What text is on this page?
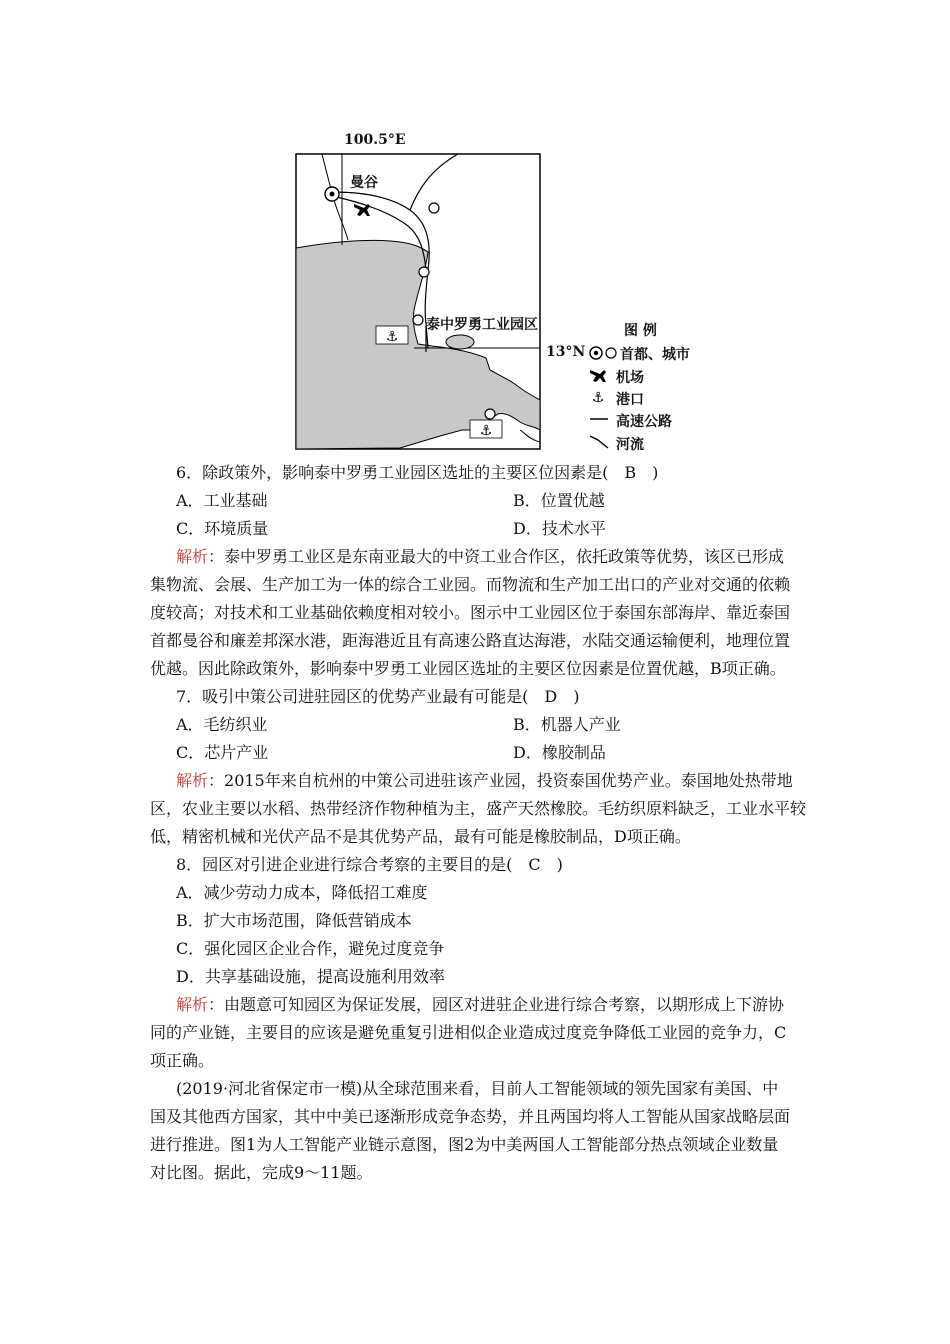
⚓
⚓
⚓
100.5°E
曼谷
泰中罗勇工业园区
13°N
图 例
首都、城市
机场
港口
高速公路
河流
6．除政策外，影响泰中罗勇工业园区选址的主要区位因素是(　B　)
A．工业基础	B．位置优越
C．环境质量	D．技术水平
解析：泰中罗勇工业区是东南亚最大的中资工业合作区，依托政策等优势，该区已形成
集物流、会展、生产加工为一体的综合工业园。而物流和生产加工出口的产业对交通的依赖
度较高；对技术和工业基础依赖度相对较小。图示中工业园区位于泰国东部海岸、靠近泰国
首都曼谷和廉差邦深水港，距海港近且有高速公路直达海港，水陆交通运输便利，地理位置
优越。因此除政策外，影响泰中罗勇工业园区选址的主要区位因素是位置优越，B项正确。
7．吸引中策公司进驻园区的优势产业最有可能是(　D　)
A．毛纺织业	B．机器人产业
C．芯片产业	D．橡胶制品
解析：2015年来自杭州的中策公司进驻该产业园，投资泰国优势产业。泰国地处热带地
区，农业主要以水稻、热带经济作物种植为主，盛产天然橡胶。毛纺织原料缺乏，工业水平较
低，精密机械和光伏产品不是其优势产品，最有可能是橡胶制品，D项正确。
8．园区对引进企业进行综合考察的主要目的是(　C　)
A．减少劳动力成本，降低招工难度
B．扩大市场范围，降低营销成本
C．强化园区企业合作，避免过度竞争
D．共享基础设施，提高设施利用效率
解析：由题意可知园区为保证发展，园区对进驻企业进行综合考察，以期形成上下游协
同的产业链，主要目的应该是避免重复引进相似企业造成过度竞争降低工业园的竞争力，C
项正确。
(2019·河北省保定市一模)从全球范围来看，目前人工智能领域的领先国家有美国、中
国及其他西方国家，其中中美已逐渐形成竞争态势，并且两国均将人工智能从国家战略层面
进行推进。图1为人工智能产业链示意图，图2为中美两国人工智能部分热点领域企业数量
对比图。据此，完成9～11题。
